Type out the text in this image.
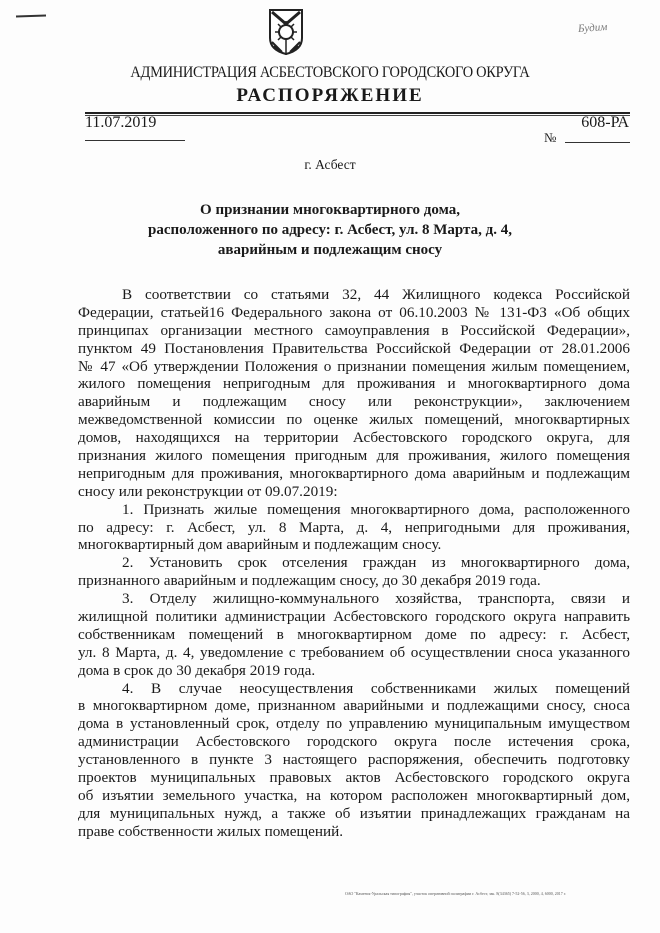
Будим
АДМИНИСТРАЦИЯ АСБЕСТОВСКОГО ГОРОДСКОГО ОКРУГА
РАСПОРЯЖЕНИЕ
11.07.2019	608-РА
№
г. Асбест
О признании многоквартирного дома,
расположенного по адресу: г. Асбест, ул. 8 Марта, д. 4,
аварийным и подлежащим сносу
В соответствии со статьями 32, 44 Жилищного кодекса Российской
Федерации, статьей16 Федерального закона от 06.10.2003 № 131-ФЗ «Об общих
принципах организации местного самоуправления в Российской Федерации»,
пунктом 49 Постановления Правительства Российской Федерации от 28.01.2006
№ 47 «Об утверждении Положения о признании помещения жилым помещением,
жилого помещения непригодным для проживания и многоквартирного дома
аварийным и подлежащим сносу или реконструкции», заключением
межведомственной комиссии по оценке жилых помещений, многоквартирных
домов, находящихся на территории Асбестовского городского округа, для
признания жилого помещения пригодным для проживания, жилого помещения
непригодным для проживания, многоквартирного дома аварийным и подлежащим
сносу или реконструкции от 09.07.2019:
1. Признать жилые помещения многоквартирного дома, расположенного
по адресу: г. Асбест, ул. 8 Марта, д. 4, непригодными для проживания,
многоквартирный дом аварийным и подлежащим сносу.
2. Установить срок отселения граждан из многоквартирного дома,
признанного аварийным и подлежащим сносу, до 30 декабря 2019 года.
3. Отделу жилищно-коммунального хозяйства, транспорта, связи и
жилищной политики администрации Асбестовского городского округа направить
собственникам помещений в многоквартирном доме по адресу: г. Асбест,
ул. 8 Марта, д. 4, уведомление с требованием об осуществлении сноса указанного
дома в срок до 30 декабря 2019 года.
4. В случае неосуществления собственниками жилых помещений
в многоквартирном доме, признанном аварийными и подлежащими сносу, сноса
дома в установленный срок, отделу по управлению муниципальным имуществом
администрации Асбестовского городского округа после истечения срока,
установленного в пункте 3 настоящего распоряжения, обеспечить подготовку
проектов муниципальных правовых актов Асбестовского городского округа
об изъятии земельного участка, на котором расположен многоквартирный дом,
для муниципальных нужд, а также об изъятии принадлежащих гражданам на
праве собственности жилых помещений.
ОАО "Каменск-Уральская типография", участок оперативной полиграфии г. Асбест, зак. 8(34365) 7-52-56, 3, 2000, 4, 6000, 2017 г.
